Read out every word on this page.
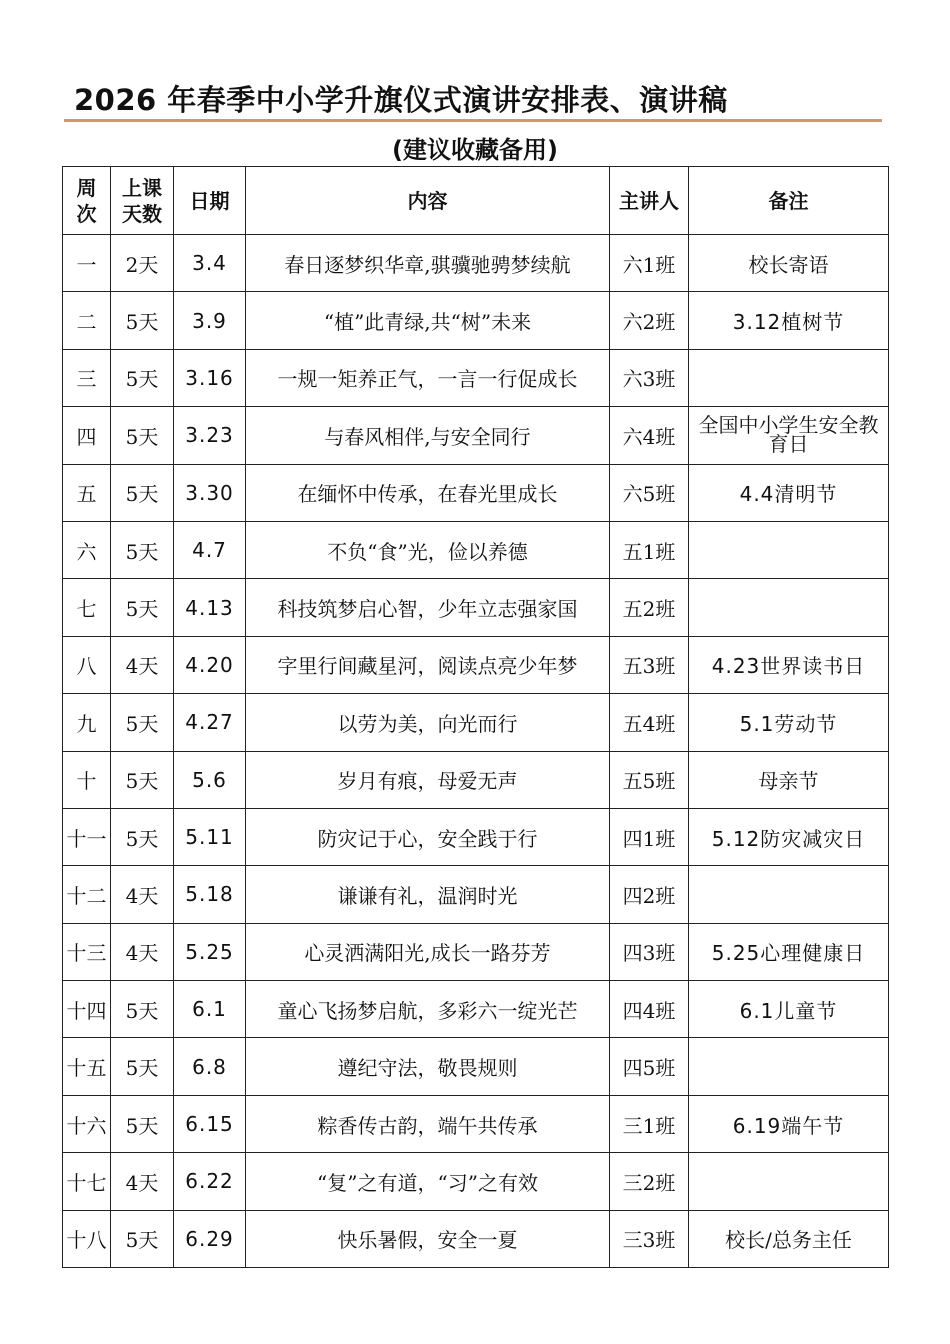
2026 年春季中小学升旗仪式演讲安排表、演讲稿
(建议收藏备用)
周次	上课天数	日期	内容	主讲人	备注
一	2天	3.4	春日逐梦织华章,骐骥驰骋梦续航	六1班	校长寄语
二	5天	3.9	“植”此青绿,共“树”未来	六2班	3.12植树节
三	5天	3.16	一规一矩养正气，一言一行促成长	六3班	
四	5天	3.23	与春风相伴,与安全同行	六4班	全国中小学生安全教育日
五	5天	3.30	在缅怀中传承，在春光里成长	六5班	4.4清明节
六	5天	4.7	不负“食”光，俭以养德	五1班	
七	5天	4.13	科技筑梦启心智，少年立志强家国	五2班	
八	4天	4.20	字里行间藏星河，阅读点亮少年梦	五3班	4.23世界读书日
九	5天	4.27	以劳为美，向光而行	五4班	5.1劳动节
十	5天	5.6	岁月有痕，母爱无声	五5班	母亲节
十一	5天	5.11	防灾记于心，安全践于行	四1班	5.12防灾减灾日
十二	4天	5.18	谦谦有礼，温润时光	四2班	
十三	4天	5.25	心灵洒满阳光,成长一路芬芳	四3班	5.25心理健康日
十四	5天	6.1	童心飞扬梦启航，多彩六一绽光芒	四4班	6.1儿童节
十五	5天	6.8	遵纪守法，敬畏规则	四5班	
十六	5天	6.15	粽香传古韵，端午共传承	三1班	6.19端午节
十七	4天	6.22	“复”之有道，“习”之有效	三2班	
十八	5天	6.29	快乐暑假，安全一夏	三3班	校长/总务主任
